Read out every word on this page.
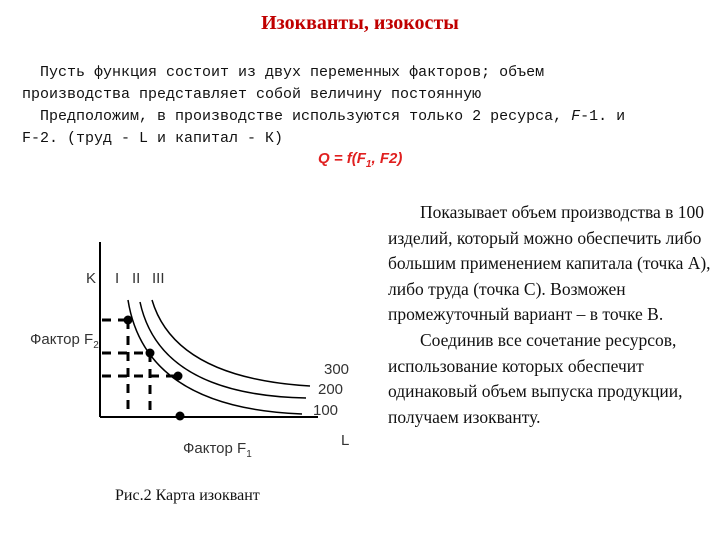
Изокванты, изокосты
Пусть функция состоит из двух переменных факторов; объем
производства представляет собой величину постоянную
Предположим, в производстве используются только 2 ресурса, F-1. и
F-2. (труд - L и капитал - К)
$Q = f(F_1$, F2)
K I II III
Фактор $F_2$
300
200
100
Фактор $F_1$
L
Рис.2 Карта изоквант

Показывает объем производства в 100 изделий, который можно обеспечить либо большим применением капитала (точка А), либо труда (точка С). Возможен промежуточный вариант – в точке В.

Соединив все сочетание ресурсов, использование которых обеспечит одинаковый объем выпуска продукции, получаем изокванту.
